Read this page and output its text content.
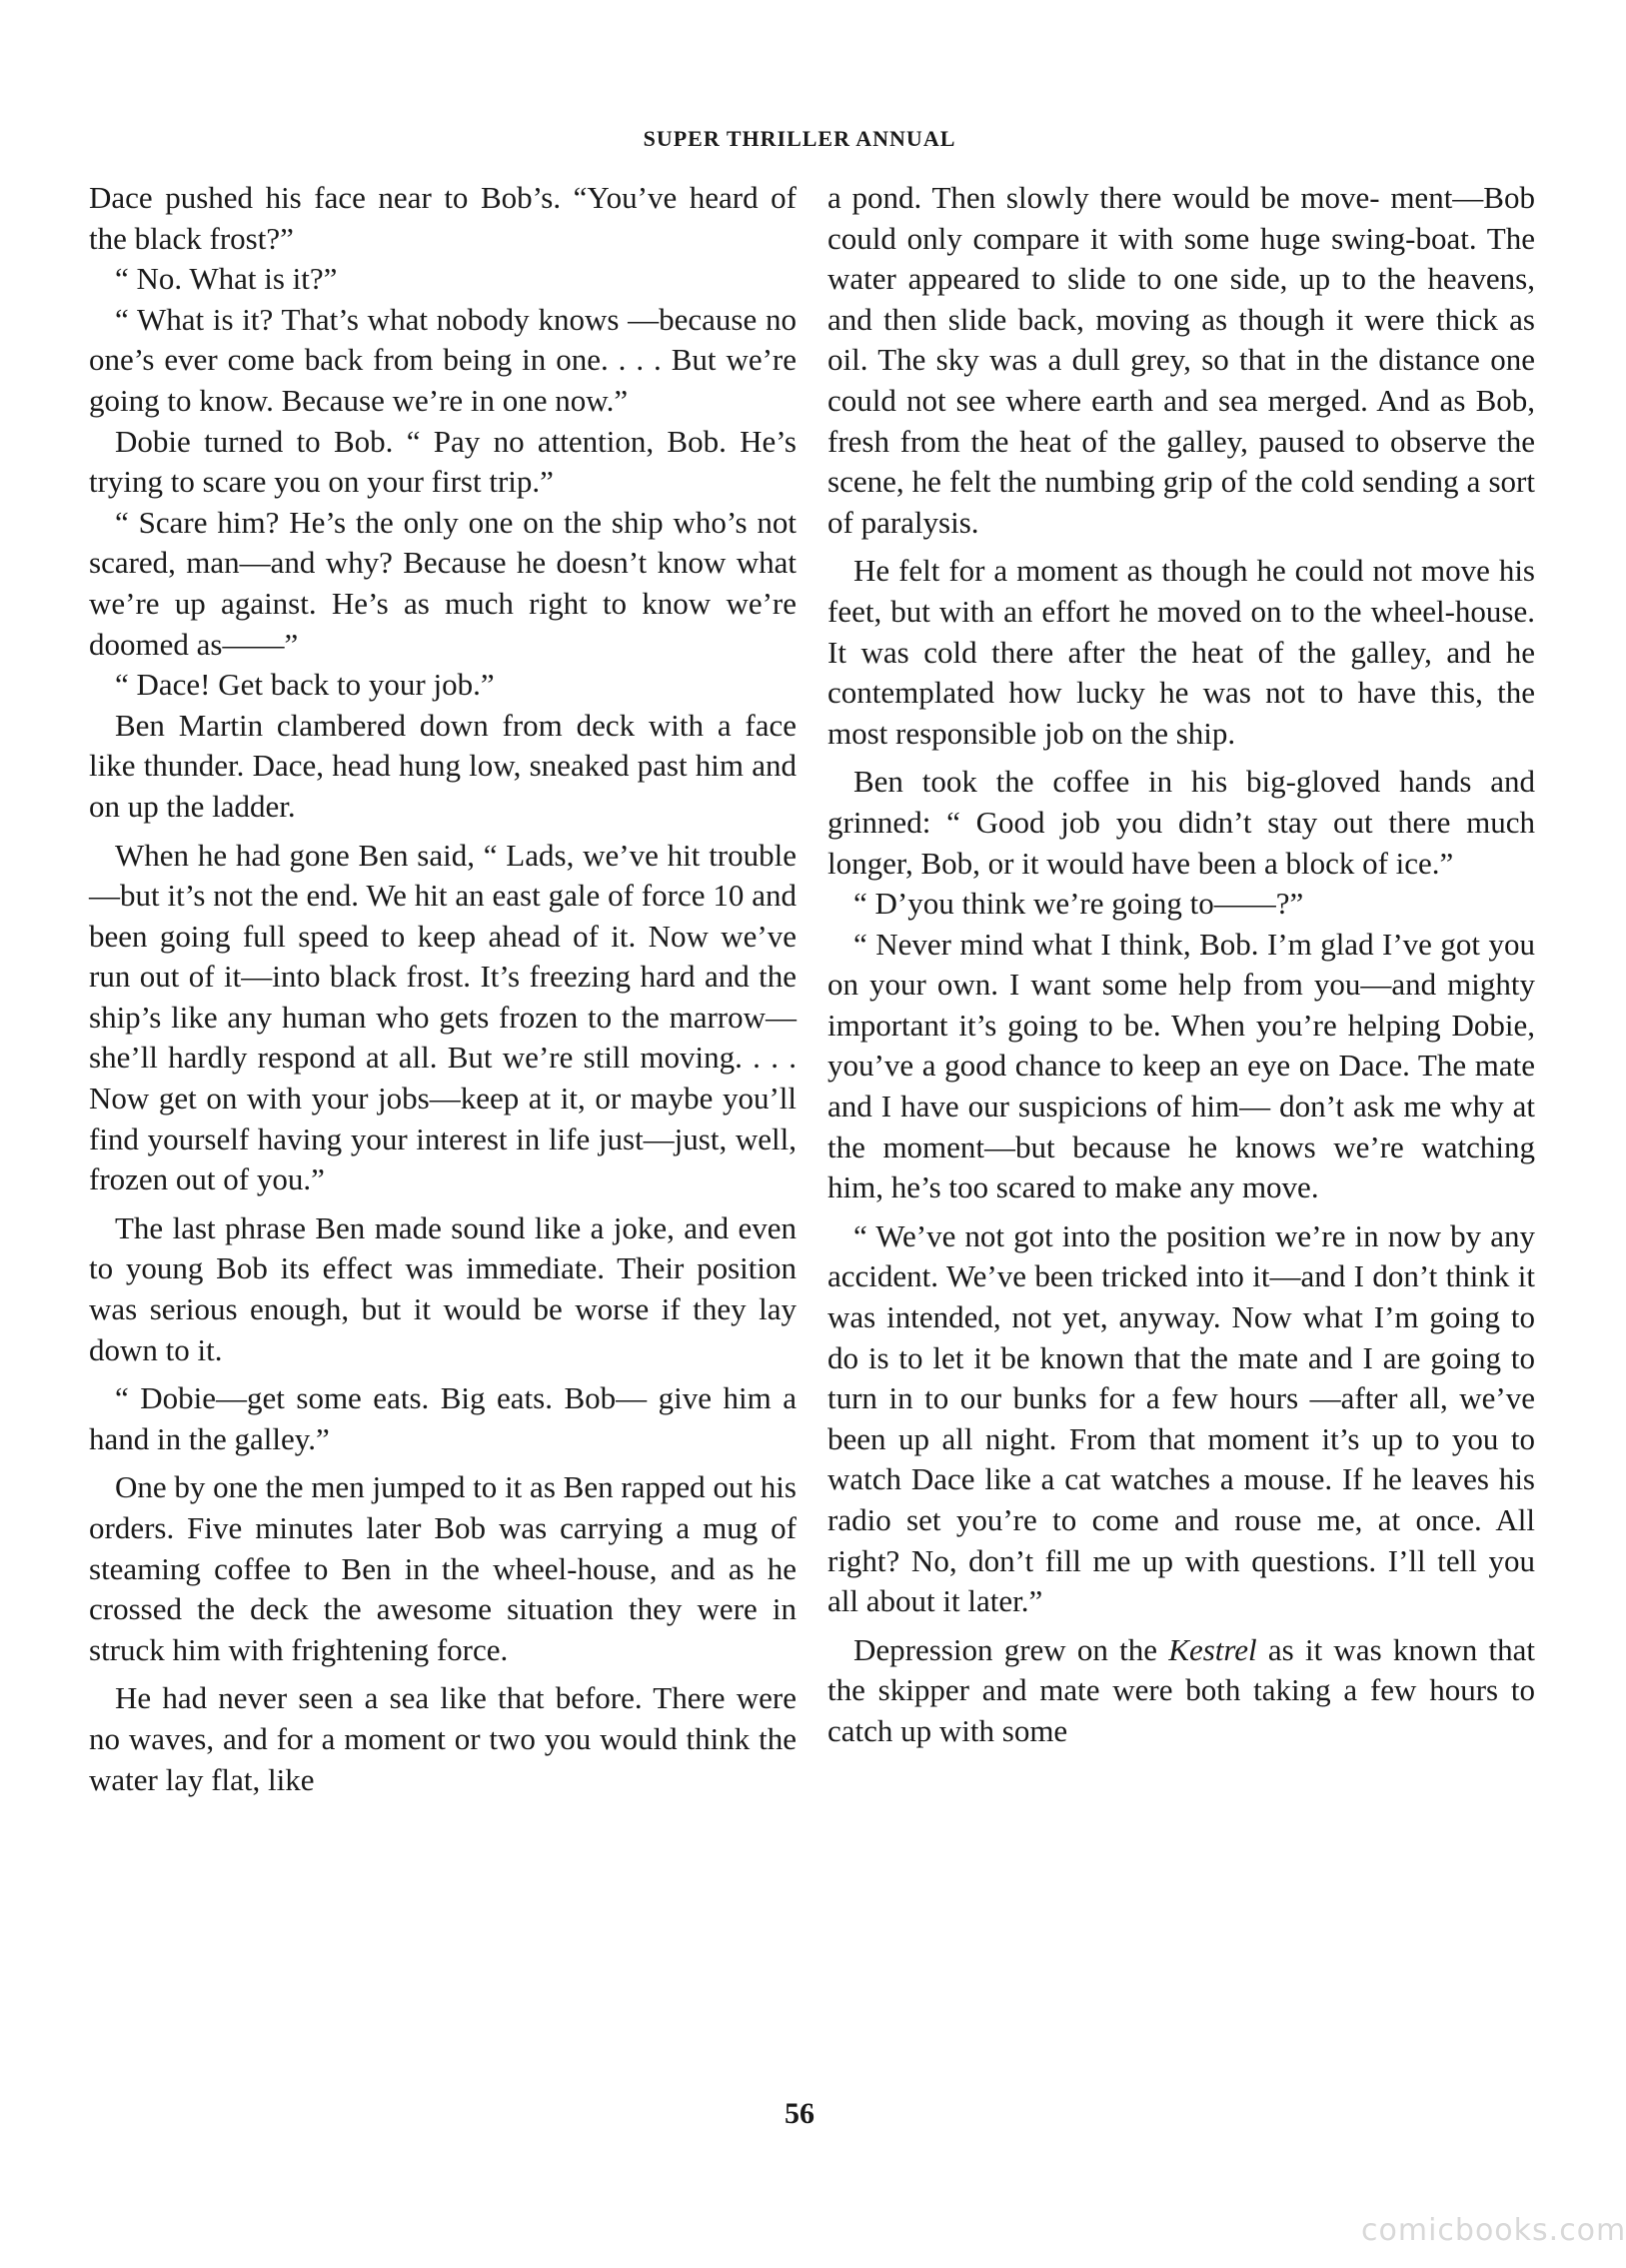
SUPER THRILLER ANNUAL

Dace pushed his face near to Bob’s. “You’ve heard of the black frost?”

“ No. What is it?”

“ What is it? That’s what nobody knows —because no one’s ever come back from being in one. . . . But we’re going to know. Because we’re in one now.”

Dobie turned to Bob. “ Pay no attention, Bob. He’s trying to scare you on your first trip.”

“ Scare him? He’s the only one on the ship who’s not scared, man—and why? Because he doesn’t know what we’re up against. He’s as much right to know we’re doomed as——”

“ Dace! Get back to your job.”

Ben Martin clambered down from deck with a face like thunder. Dace, head hung low, sneaked past him and on up the ladder.

When he had gone Ben said, “ Lads, we’ve hit trouble—but it’s not the end. We hit an east gale of force 10 and been going full speed to keep ahead of it. Now we’ve run out of it—into black frost. It’s freezing hard and the ship’s like any human who gets frozen to the marrow—she’ll hardly respond at all. But we’re still moving. . . . Now get on with your jobs—keep at it, or maybe you’ll find yourself having your interest in life just—just, well, frozen out of you.”

The last phrase Ben made sound like a joke, and even to young Bob its effect was immediate. Their position was serious enough, but it would be worse if they lay down to it.

“ Dobie—get some eats. Big eats. Bob— give him a hand in the galley.”

One by one the men jumped to it as Ben rapped out his orders. Five minutes later Bob was carrying a mug of steaming coffee to Ben in the wheel-house, and as he crossed the deck the awesome situation they were in struck him with frightening force.

He had never seen a sea like that before. There were no waves, and for a moment or two you would think the water lay flat, like

a pond. Then slowly there would be move- ment—Bob could only compare it with some huge swing-boat. The water appeared to slide to one side, up to the heavens, and then slide back, moving as though it were thick as oil. The sky was a dull grey, so that in the distance one could not see where earth and sea merged. And as Bob, fresh from the heat of the galley, paused to observe the scene, he felt the numbing grip of the cold sending a sort of paralysis.

He felt for a moment as though he could not move his feet, but with an effort he moved on to the wheel-house. It was cold there after the heat of the galley, and he contemplated how lucky he was not to have this, the most responsible job on the ship.

Ben took the coffee in his big-gloved hands and grinned: “ Good job you didn’t stay out there much longer, Bob, or it would have been a block of ice.”

“ D’you think we’re going to——?”

“ Never mind what I think, Bob. I’m glad I’ve got you on your own. I want some help from you—and mighty important it’s going to be. When you’re helping Dobie, you’ve a good chance to keep an eye on Dace. The mate and I have our suspicions of him— don’t ask me why at the moment—but because he knows we’re watching him, he’s too scared to make any move.

“ We’ve not got into the position we’re in now by any accident. We’ve been tricked into it—and I don’t think it was intended, not yet, anyway. Now what I’m going to do is to let it be known that the mate and I are going to turn in to our bunks for a few hours —after all, we’ve been up all night. From that moment it’s up to you to watch Dace like a cat watches a mouse. If he leaves his radio set you’re to come and rouse me, at once. All right? No, don’t fill me up with questions. I’ll tell you all about it later.”

Depression grew on the Kestrel as it was known that the skipper and mate were both taking a few hours to catch up with some

56
comicbooks.com
